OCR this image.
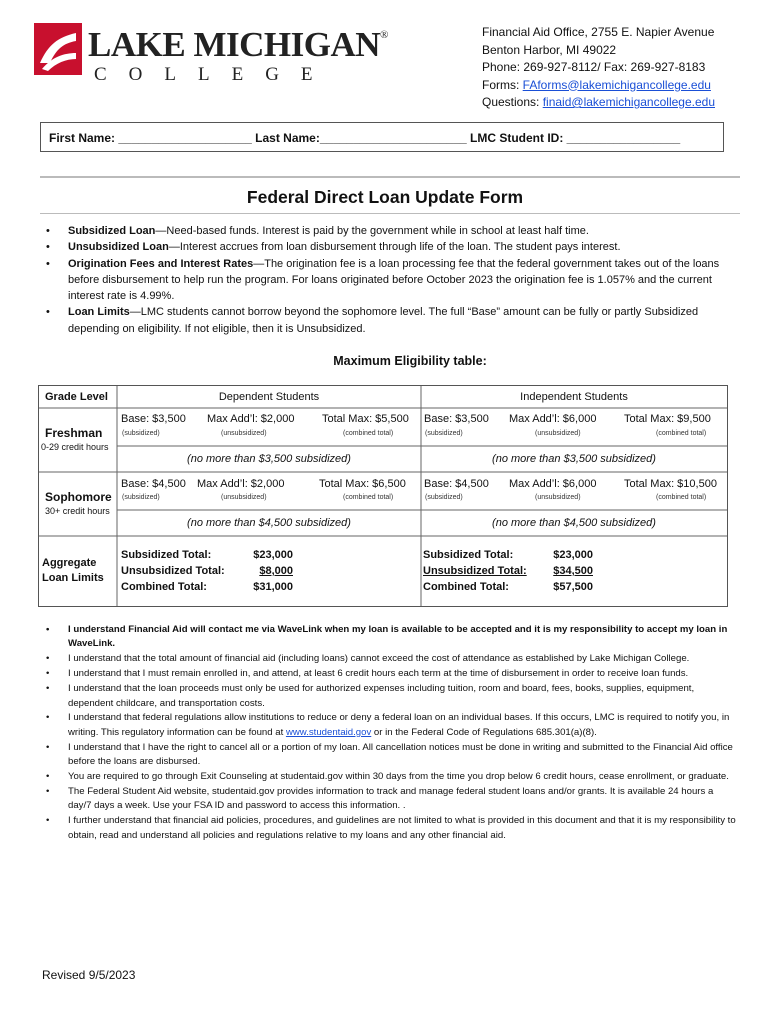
LAKE MICHIGAN®
COLLEGE
Financial Aid Office, 2755 E. Napier Avenue
Benton Harbor, MI 49022
Phone: 269-927-8112/ Fax: 269-927-8183
Forms: FAforms@lakemichigancollege.edu
Questions: finaid@lakemichigancollege.edu
First Name: ____________________ Last Name:______________________ LMC Student ID: _________________
Federal Direct Loan Update Form
• Subsidized Loan—Need-based funds. Interest is paid by the government while in school at least half time.
• Unsubsidized Loan—Interest accrues from loan disbursement through life of the loan. The student pays interest.
• Origination Fees and Interest Rates—The origination fee is a loan processing fee that the federal government takes out of the loans before disbursement to help run the program. For loans originated before October 2023 the origination fee is 1.057% and the current interest rate is 4.99%.
• Loan Limits—LMC students cannot borrow beyond the sophomore level. The full “Base” amount can be fully or partly Subsidized depending on eligibility. If not eligible, then it is Unsubsidized.
Maximum Eligibility table:
Grade Level	Dependent Students	Independent Students
Freshman
0-29 credit hours
Base: $3,500
(subsidized)
Max Add’l: $2,000
(unsubsidized)
Total Max: $5,500
(combined total)
(no more than $3,500 subsidized)
Base: $3,500
(subsidized)
Max Add’l: $6,000
(unsubsidized)
Total Max: $9,500
(combined total)
(no more than $3,500 subsidized)
Sophomore
30+ credit hours
Base: $4,500
(subsidized)
Max Add’l: $2,000
(unsubsidized)
Total Max: $6,500
(combined total)
(no more than $4,500 subsidized)
Base: $4,500
(subsidized)
Max Add’l: $6,000
(unsubsidized)
Total Max: $10,500
(combined total)
(no more than $4,500 subsidized)
Aggregate
Loan Limits
Subsidized Total:
Unsubsidized Total:
Combined Total:
$23,000
$8,000
$31,000
Subsidized Total:
Unsubsidized Total:
Combined Total:
$23,000
$34,500
$57,500
• I understand Financial Aid will contact me via WaveLink when my loan is available to be accepted and it is my responsibility to accept my loan in WaveLink.
• I understand that the total amount of financial aid (including loans) cannot exceed the cost of attendance as established by Lake Michigan College.
• I understand that I must remain enrolled in, and attend, at least 6 credit hours each term at the time of disbursement in order to receive loan funds.
• I understand that the loan proceeds must only be used for authorized expenses including tuition, room and board, fees, books, supplies, equipment, dependent childcare, and transportation costs.
• I understand that federal regulations allow institutions to reduce or deny a federal loan on an individual bases. If this occurs, LMC is required to notify you, in writing. This regulatory information can be found at www.studentaid.gov or in the Federal Code of Regulations 685.301(a)(8).
• I understand that I have the right to cancel all or a portion of my loan. All cancellation notices must be done in writing and submitted to the Financial Aid office before the loans are disbursed.
• You are required to go through Exit Counseling at studentaid.gov within 30 days from the time you drop below 6 credit hours, cease enrollment, or graduate.
• The Federal Student Aid website, studentaid.gov provides information to track and manage federal student loans and/or grants. It is available 24 hours a day/7 days a week. Use your FSA ID and password to access this information. .
• I further understand that financial aid policies, procedures, and guidelines are not limited to what is provided in this document and that it is my responsibility to obtain, read and understand all policies and regulations relative to my loans and any other financial aid.
Revised 9/5/2023
